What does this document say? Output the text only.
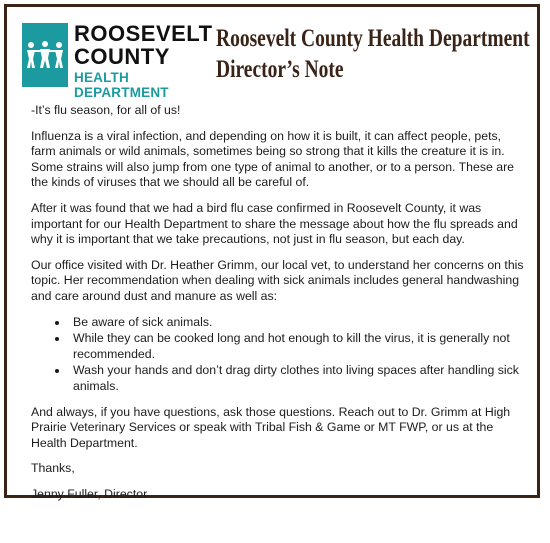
ROOSEVELT
COUNTY
HEALTH DEPARTMENT
Roosevelt County Health Department
Director’s Note

-It’s flu season, for all of us!

Influenza is a viral infection, and depending on how it is built, it can affect people, pets, farm animals or wild animals, sometimes being so strong that it kills the creature it is in. Some strains will also jump from one type of animal to another, or to a person. These are the kinds of viruses that we should all be careful of.

After it was found that we had a bird flu case confirmed in Roosevelt County, it was important for our Health Department to share the message about how the flu spreads and why it is important that we take precautions, not just in flu season, but each day.

Our office visited with Dr. Heather Grimm, our local vet, to understand her concerns on this topic. Her recommendation when dealing with sick animals includes general handwashing and care around dust and manure as well as:

• Be aware of sick animals.
• While they can be cooked long and hot enough to kill the virus, it is generally not recommended.
• Wash your hands and don’t drag dirty clothes into living spaces after handling sick animals.

And always, if you have questions, ask those questions. Reach out to Dr. Grimm at High Prairie Veterinary Services or speak with Tribal Fish & Game or MT FWP, or us at the Health Department.

Thanks,

Jenny Fuller, Director
